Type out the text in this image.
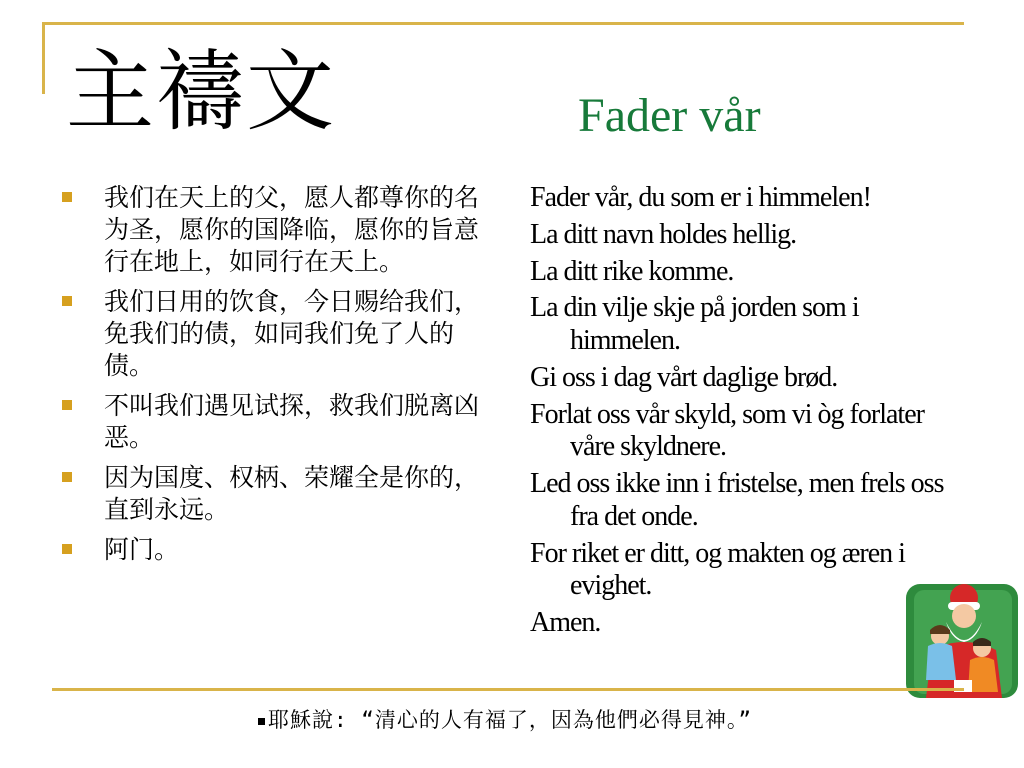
主禱文	Fader vår
我们在天上的父，愿人都尊你的名为圣，愿你的国降临，愿你的旨意行在地上，如同行在天上。
我们日用的饮食，今日赐给我们，免我们的债，如同我们免了人的债。
不叫我们遇见试探，救我们脱离凶恶。
因为国度、权柄、荣耀全是你的，直到永远。
阿门。

Fader vår, du som er i himmelen!

La ditt navn holdes hellig.

La ditt rike komme.

La din vilje skje på jorden som i himmelen.

Gi oss i dag vårt daglige brød.

Forlat oss vår skyld, som vi òg forlater våre skyldnere.

Led oss ikke inn i fristelse, men frels oss fra det onde.

For riket er ditt, og makten og æren i evighet.

Amen.

耶穌說: “清心的人有福了，因為他們必得見神。”
